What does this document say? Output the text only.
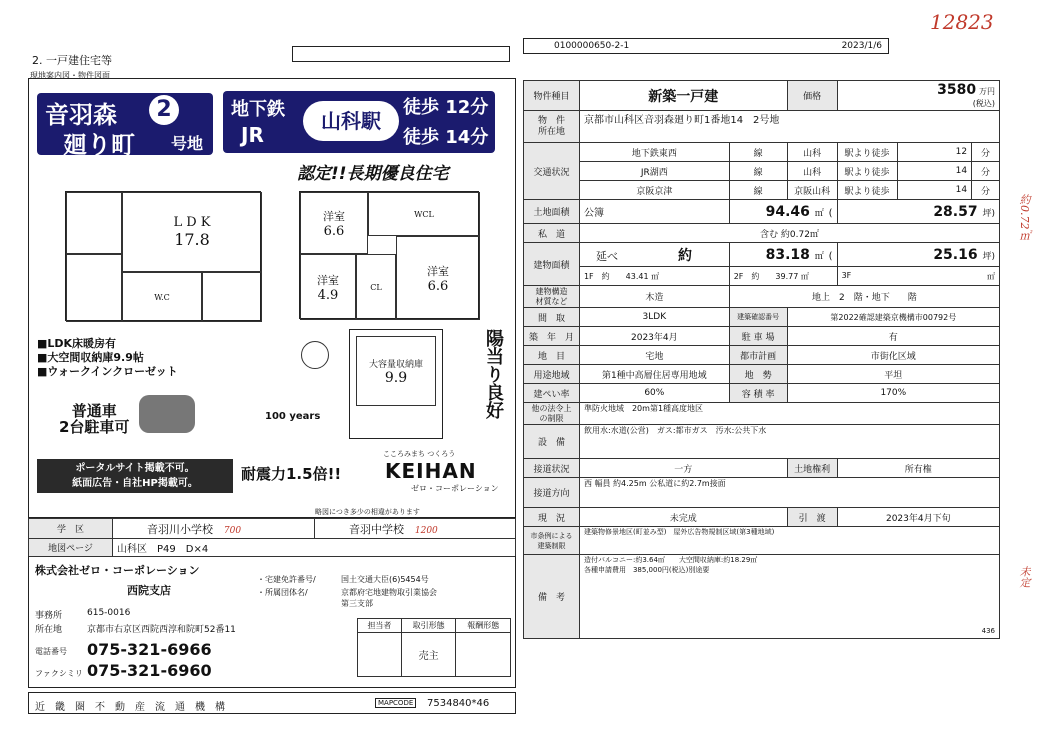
12823
2. 一戸建住宅等
0100000650-2-1	2023/1/6
現地案内図・物件図面
音羽森	2
廻り町 号地
地下鉄
JR
山科駅
徒歩 12分
徒歩 14分
認定!!長期優良住宅
L D K
17.8
W.C
洋室
6.6
WCL
洋室
4.9
CL
洋室
6.6
■LDK床暖房有
■大空間収納庫9.9帖
■ウォークインクローゼット
大容量収納庫
9.9	陽当り良好
普通車
2台駐車可
100 years
ポータルサイト掲載不可。
紙面広告・自社HP掲載可。
耐震力1.5倍!!
こころみまち つくろう
KEIHAN
ゼロ・コーポレーション
略図につき多少の相違があります
学　区	音羽川小学校 700	音羽中学校 1200
地図ページ	山科区　P49　D×4	
株式会社ゼロ・コーポレーション
西院支店
・宅建免許番号/	国土交通大臣(6)5454号
・所属団体名/	京都府宅地建物取引業協会
第三支部
事務所	615-0016
所在地	京都市右京区西院西淳和院町52番11
電話番号 075-321-6966
ファクシミリ 075-321-6960
担当者	取引形態	報酬形態
	売主	
近　畿　圏　不　動　産　流　通　機　構	MAPCODE	7534840*46
物件種目	新築一戸建		価格	3580 万円
(税込)		

物　件
所在地	京都市山科区音羽森廻り町1番地14　2号地					
交通状況	地下鉄東西	線	山科	駅より徒歩	12	分
	JR湖西	線	山科	駅より徒歩	14	分
	京阪京津	線	京阪山科	駅より徒歩	14	分
土地面積	公簿	94.46 ㎡ (		28.57 坪)		
私　道	含む 約0.72㎡					
建物面積	延べ 約	83.18 ㎡ (		25.16 坪)		
	1F　 約　　43.41 ㎡	2F　 約　　39.77 ㎡		3F ㎡		
建物構造
材質など	木造	地上　2　階・地下　　階				
間　取	3LDK	建築確認番号	第2022確認建築京機構市00792号			
築　年　月	2023年4月	駐 車 場	有			
地　目	宅地	都市計画	市街化区域			
用途地域	第1種中高層住居専用地域	地　勢	平坦			
建ぺい率	60%	容 積 率	170%			
他の法令上
の制限	準防火地域　20m第1種高度地区					
設　備	飲用水:水道(公営)　ガス:都市ガス　汚水:公共下水					
接道状況	一方		土地権利	所有権		
接道方向	西 幅員 約4.25m 公私道に約2.7m接面					
現　況	未完成		引　渡	2023年4月下旬		
市条例による
建築制限	建築物修景地区(町並み型)　屋外広告物規制区域(第3種地域)					
備　考	造付バルコニー:約3.64㎡　　大空間収納庫:約18.29㎡
各種申請費用　385,000円(税込)別途要
436					
約0.72㎡
未定
